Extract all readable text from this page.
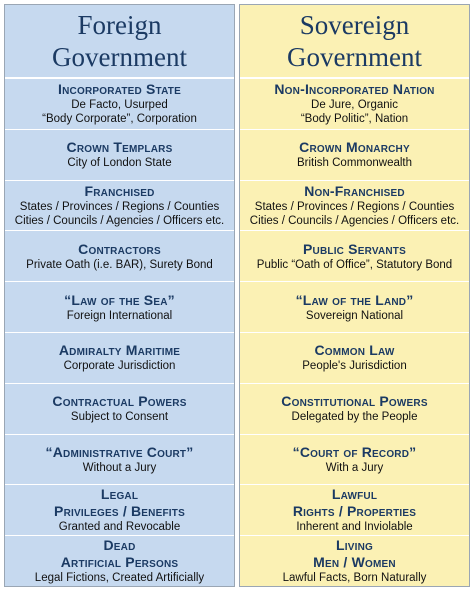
Foreign
Government
Incorporated State
De Facto, Usurped
“Body Corporate”, Corporation
Crown Templars
City of London State
Franchised
States / Provinces / Regions / Counties
Cities / Councils / Agencies / Officers etc.
Contractors
Private Oath (i.e. BAR), Surety Bond
“Law of the Sea”
Foreign International
Admiralty Maritime
Corporate Jurisdiction
Contractual Powers
Subject to Consent
“Administrative Court”
Without a Jury
Legal
Privileges / Benefits
Granted and Revocable
Dead
Artificial Persons
Legal Fictions, Created Artificially
Sovereign
Government
Non-Incorporated Nation
De Jure, Organic
“Body Politic”, Nation
Crown Monarchy
British Commonwealth
Non-Franchised
States / Provinces / Regions / Counties
Cities / Councils / Agencies / Officers etc.
Public Servants
Public “Oath of Office”, Statutory Bond
“Law of the Land”
Sovereign National
Common Law
People's Jurisdiction
Constitutional Powers
Delegated by the People
“Court of Record”
With a Jury
Lawful
Rights / Properties
Inherent and Inviolable
Living
Men / Women
Lawful Facts, Born Naturally
